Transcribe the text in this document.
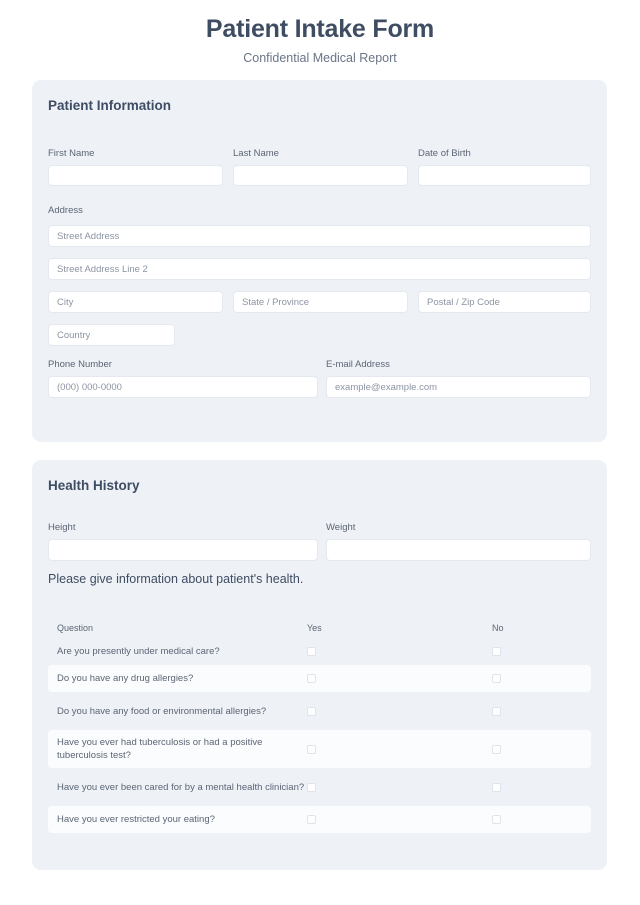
Patient Intake Form
Confidential Medical Report
Patient Information
First Name	Last Name	Date of Birth
Address
Street Address
Street Address Line 2
City	State / Province	Postal / Zip Code
Country
Phone Number
(000) 000-0000
E-mail Address
example@example.com
Health History
Height	Weight
Please give information about patient's health.
Question	Yes	No
Are you presently under medical care?
Do you have any drug allergies?
Do you have any food or environmental allergies?
Have you ever had tuberculosis or had a positive tuberculosis test?
Have you ever been cared for by a mental health clinician?
Have you ever restricted your eating?
